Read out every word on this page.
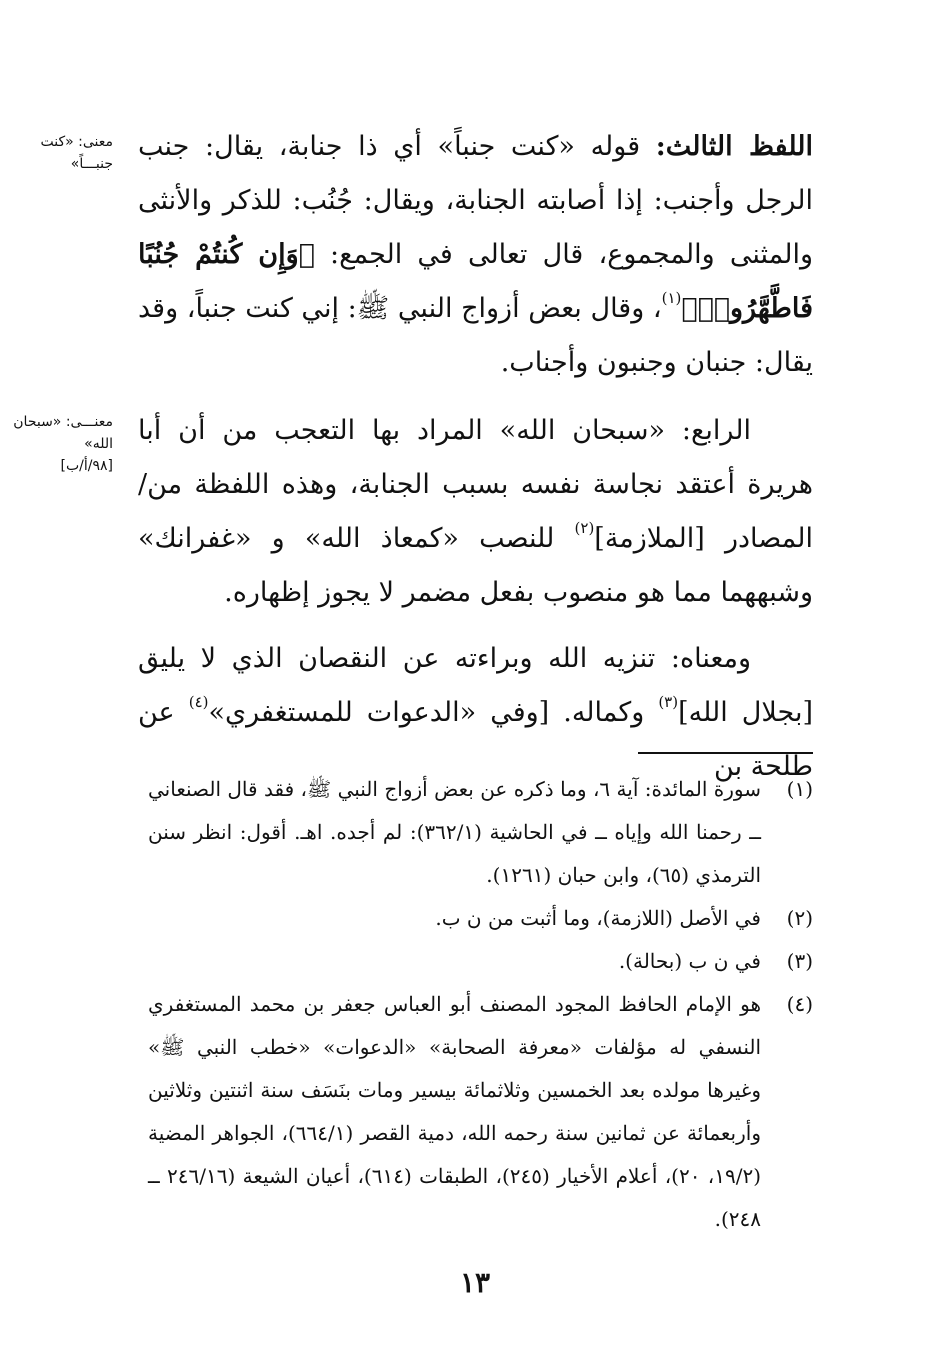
اللفظ الثالث: قوله «كنت جنباً» أي ذا جنابة، يقال: جنب الرجل وأجنب: إذا أصابته الجنابة، ويقال: جُنُب: للذكر والأنثى والمثنى والمجموع، قال تعالى في الجمع: ﴿وَإِن كُنتُمْ جُنُبًا فَاطَّهَّرُوا۟﴾$^{(١)}$، وقال بعض أزواج النبي ﷺ: إني كنت جنباً، وقد يقال: جنبان وجنبون وأجناب.

الرابع: «سبحان الله» المراد بها التعجب من أن أبا هريرة أعتقد نجاسة نفسه بسبب الجنابة، وهذه اللفظة من/ المصادر [الملازمة]$^{(٢)}$ للنصب «كمعاذ الله» و «غفرانك» وشبههما مما هو منصوب بفعل مضمر لا يجوز إظهاره.

ومعناه: تنزيه الله وبراءته عن النقصان الذي لا يليق [بجلال الله]$^{(٣)}$ وكماله. [وفي «الدعوات للمستغفري»$^{(٤)}$ عن طلحة بن

معنى: «كنت جنبـــاً»
معنـــى: «سبحان الله»
[٩٨/أ/ب]
(١)
سورة المائدة: آية ٦، وما ذكره عن بعض أزواج النبي ﷺ، فقد قال الصنعاني ــ رحمنا الله وإياه ــ في الحاشية (٣٦٢/١): لم أجده. اهـ. أقول: انظر سنن الترمذي (٦٥)، وابن حبان (١٢٦١).
(٢)
في الأصل (اللازمة)، وما أثبت من ن ب.
(٣)
في ن ب (بحالة).
(٤)
هو الإمام الحافظ المجود المصنف أبو العباس جعفر بن محمد المستغفري النسفي له مؤلفات «معرفة الصحابة» «الدعوات» «خطب النبي ﷺ» وغيرها مولده بعد الخمسين وثلاثمائة بيسير ومات بنَسَف سنة اثنتين وثلاثين وأربعمائة عن ثمانين سنة رحمه الله، دمية القصر (٦٦٤/١)، الجواهر المضية (١٩/٢، ٢٠)، أعلام الأخيار (٢٤٥)، الطبقات (٦١٤)، أعيان الشيعة (٢٤٦/١٦ ــ ٢٤٨).
١٣
